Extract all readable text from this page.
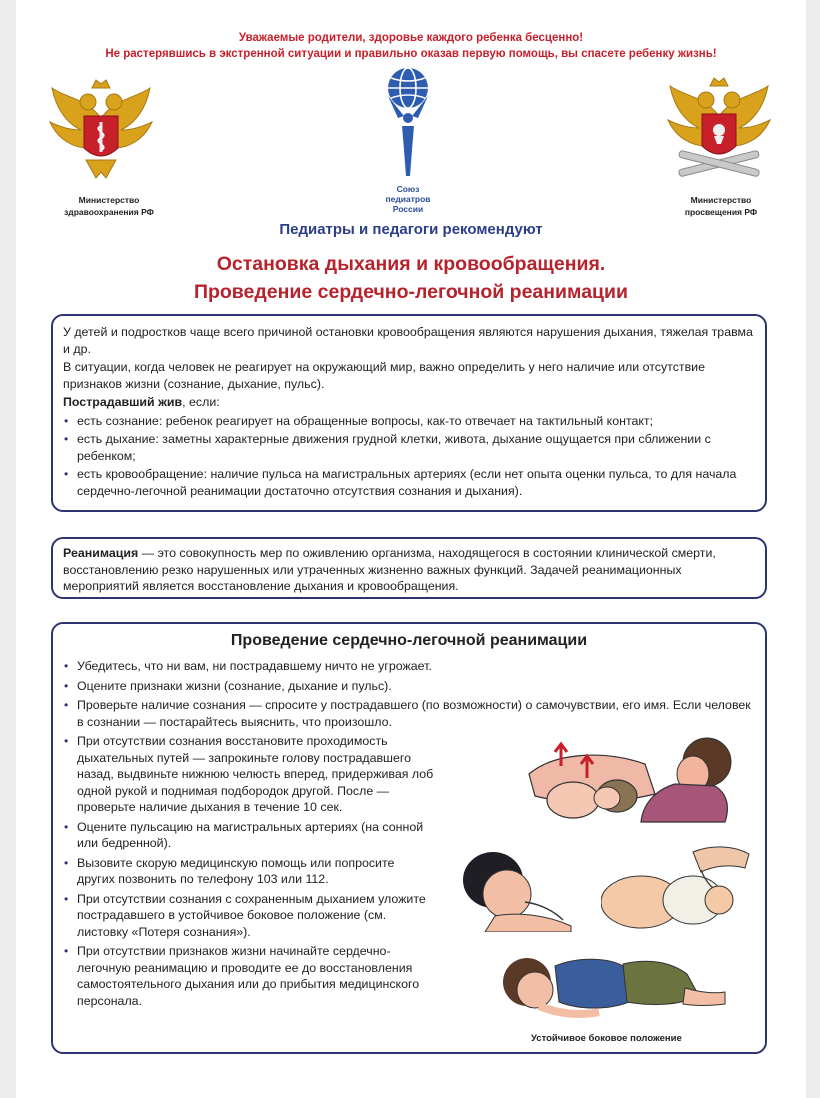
Уважаемые родители, здоровье каждого ребенка бесценно!
Не растерявшись в экстренной ситуации и правильно оказав первую помощь, вы спасете ребенку жизнь!
Министерство
здравоохранения РФ
Союз
педиатров
России
Министерство
просвещения РФ
Педиатры и педагоги рекомендуют
Остановка дыхания и кровообращения.
Проведение сердечно-легочной реанимации

У детей и подростков чаще всего причиной остановки кровообращения являются нарушения дыхания, тяжелая травма и др.

В ситуации, когда человек не реагирует на окружающий мир, важно определить у него наличие или отсутствие признаков жизни (сознание, дыхание, пульс).

Пострадавший жив, если:

• есть сознание: ребенок реагирует на обращенные вопросы, как-то отвечает на тактильный контакт;
• есть дыхание: заметны характерные движения грудной клетки, живота, дыхание ощущается при сближении с ребенком;
• есть кровообращение: наличие пульса на магистральных артериях (если нет опыта оценки пульса, то для начала сердечно-легочной реанимации достаточно отсутствия сознания и дыхания).

Реанимация — это совокупность мер по оживлению организма, находящегося в состоянии клинической смерти, восстановлению резко нарушенных или утраченных жизненно важных функций. Задачей реанимационных мероприятий является восстановление дыхания и кровообращения.

Проведение сердечно-легочной реанимации
• Убедитесь, что ни вам, ни пострадавшему ничто не угрожает.
• Оцените признаки жизни (сознание, дыхание и пульс).
• Проверьте наличие сознания — спросите у пострадавшего (по возможности) о самочувствии, его имя. Если человек в сознании — постарайтесь выяснить, что произошло.
• При отсутствии сознания восстановите проходимость дыхательных путей — запрокиньте голову пострадавшего назад, выдвиньте нижнюю челюсть вперед, придерживая лоб одной рукой и поднимая подбородок другой. После — проверьте наличие дыхания в течение 10 сек.
• Оцените пульсацию на магистральных артериях (на сонной или бедренной).
• Вызовите скорую медицинскую помощь или попросите других позвонить по телефону 103 или 112.
• При отсутствии сознания с сохраненным дыханием уложите пострадавшего в устойчивое боковое положение (см. листовку «Потеря сознания»).
• При отсутствии признаков жизни начинайте сердечно-легочную реанимацию и проводите ее до восстановления самостоятельного дыхания или до прибытия медицинского персонала.
Устойчивое боковое положение
